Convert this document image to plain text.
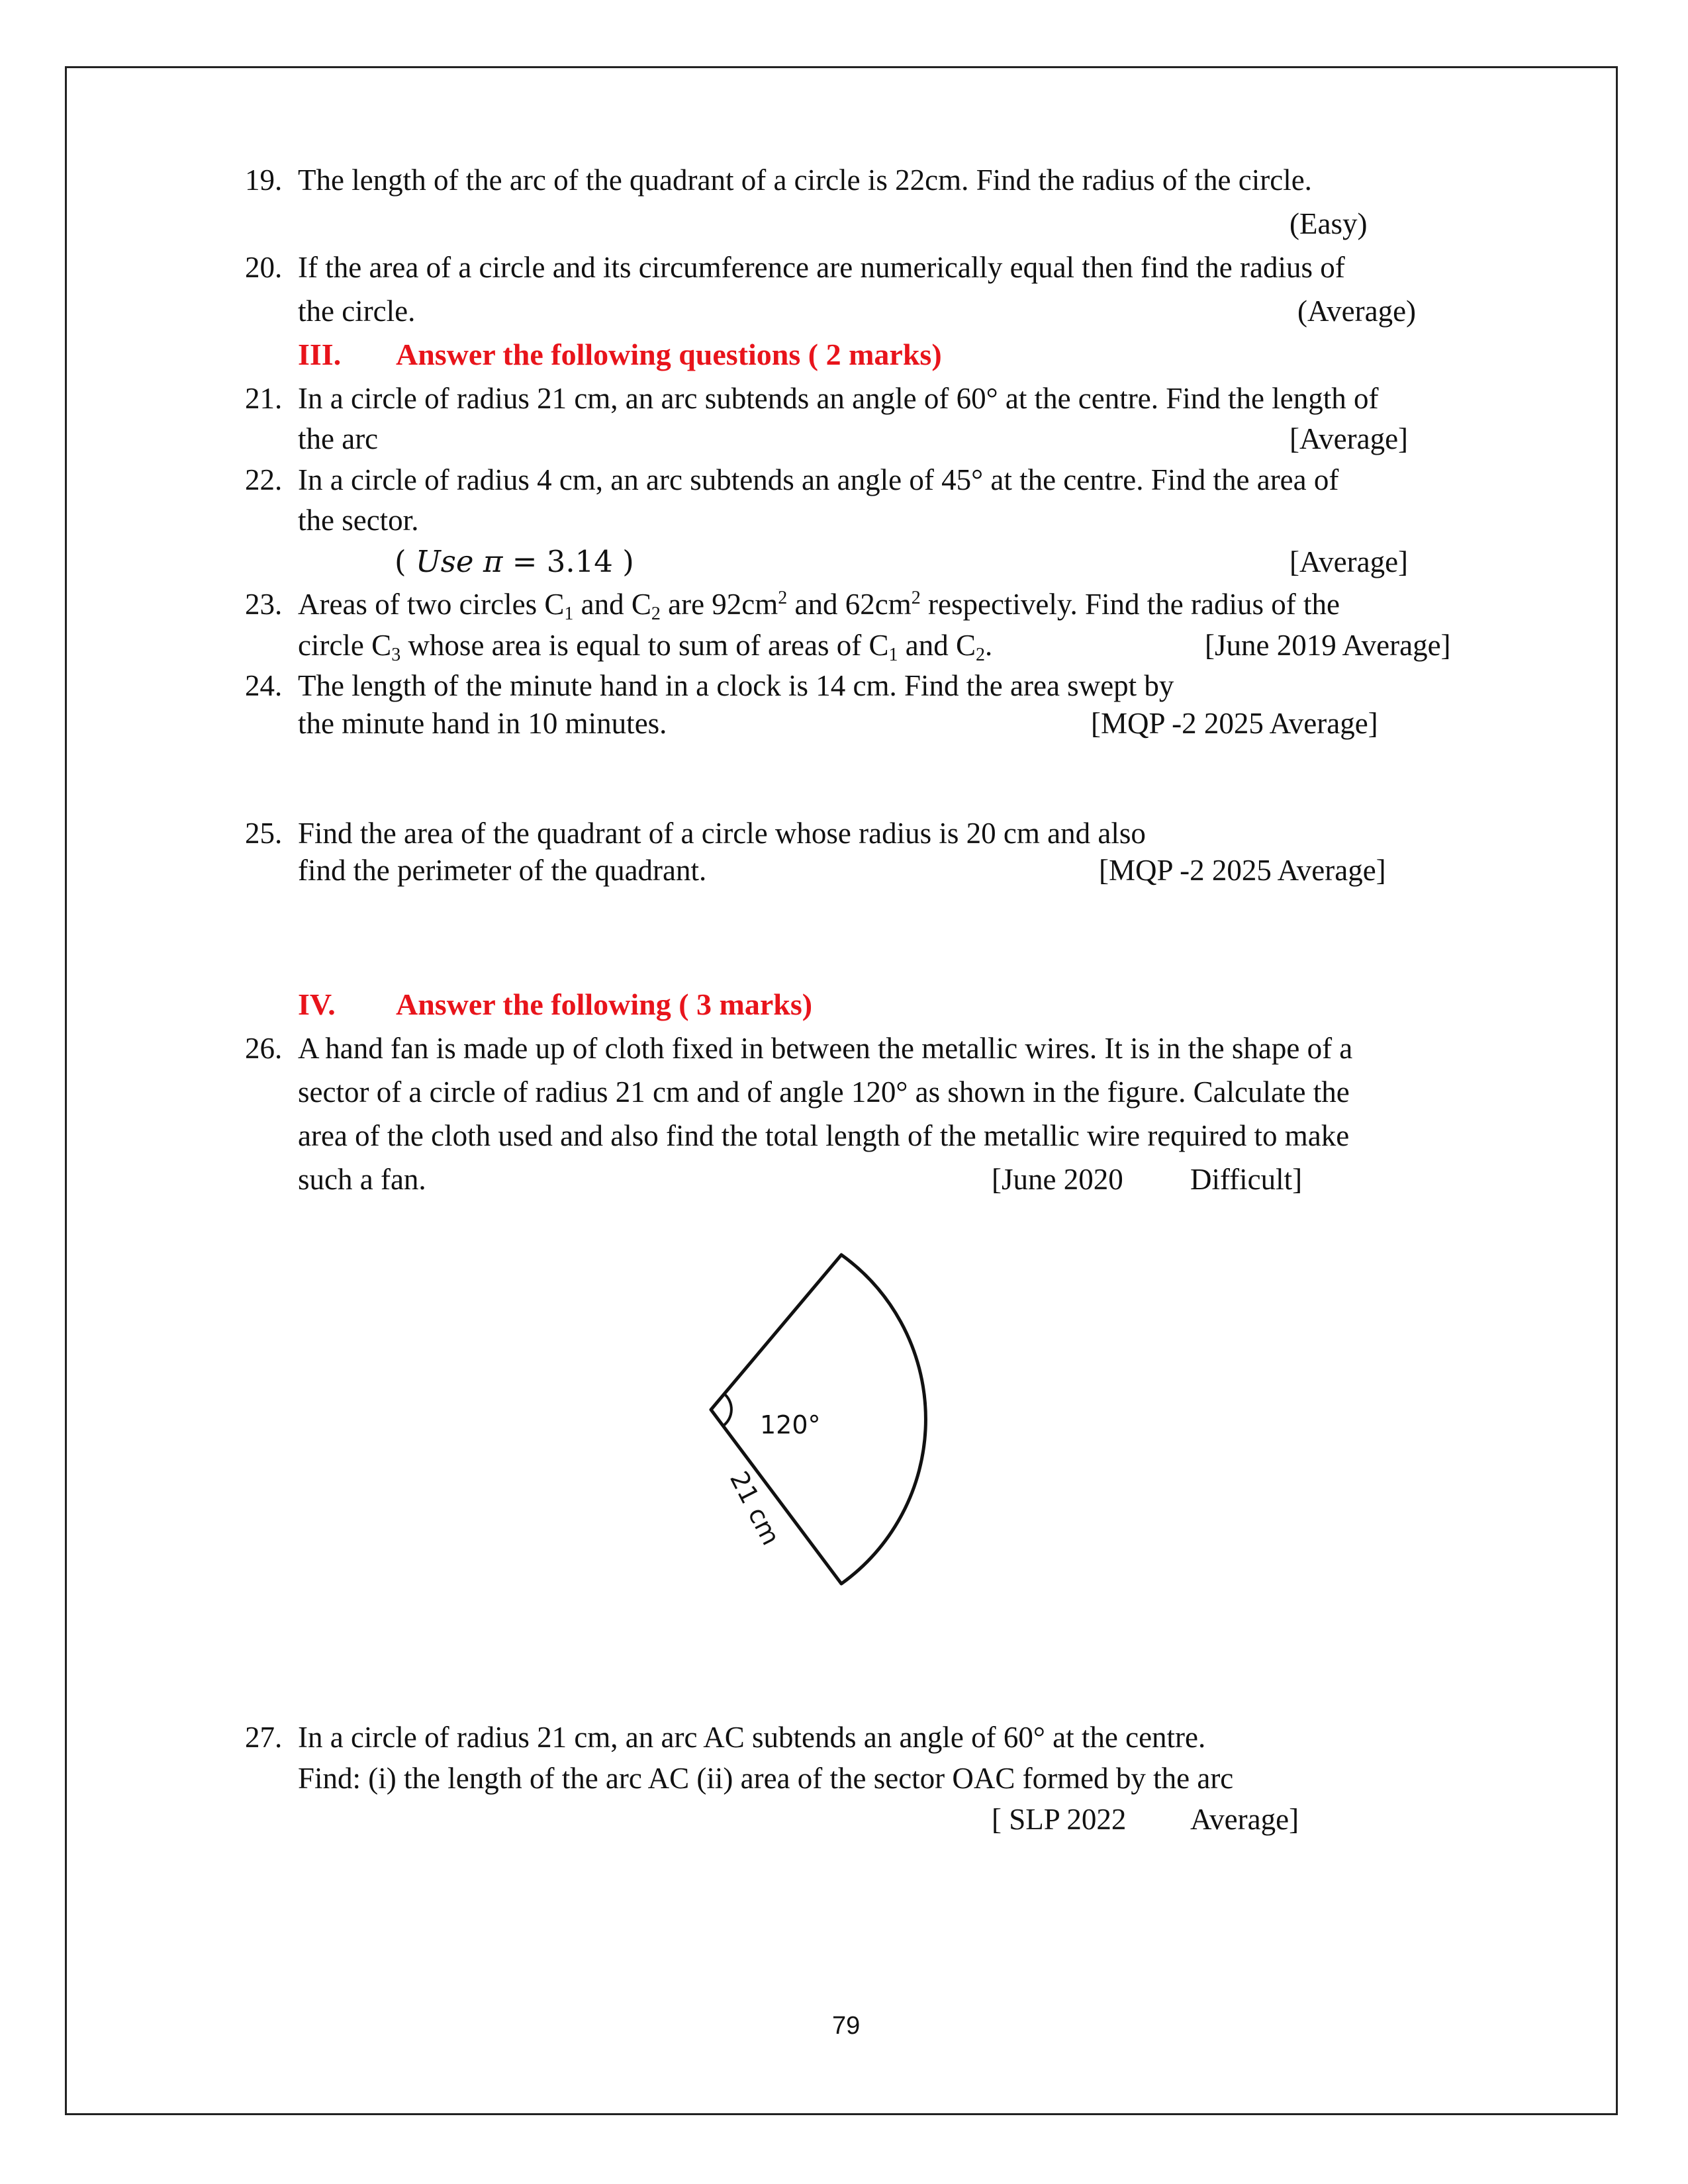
19. The length of the arc of the quadrant of a circle is 22cm. Find the radius of the circle.
(Easy)
20. If the area of a circle and its circumference are numerically equal then find the radius of
the circle.	(Average)
III. Answer the following questions ( 2 marks)
21. In a circle of radius 21 cm, an arc subtends an angle of 60° at the centre. Find the length of
the arc	[Average]
22. In a circle of radius 4 cm, an arc subtends an angle of 45° at the centre. Find the area of
the sector.
( Use π = 3.14 )	[Average]
23. Areas of two circles $C_1$ and $C_2$ are $92cm^2$ and $62cm^2$ respectively. Find the radius of the
circle $C_3$ whose area is equal to sum of areas of $C_1$ and $C_2$.	[June 2019 Average]
24. The length of the minute hand in a clock is 14 cm. Find the area swept by
the minute hand in 10 minutes.	[MQP -2 2025 Average]
25. Find the area of the quadrant of a circle whose radius is 20 cm and also
find the perimeter of the quadrant.	[MQP -2 2025 Average]
IV. Answer the following ( 3 marks)
26. A hand fan is made up of cloth fixed in between the metallic wires. It is in the shape of a
sector of a circle of radius 21 cm and of angle 120° as shown in the figure. Calculate the
area of the cloth used and also find the total length of the metallic wire required to make
such a fan.	[June 2020 Difficult]
120°
21 cm
27. In a circle of radius 21 cm, an arc AC subtends an angle of 60° at the centre.
Find: (i) the length of the arc AC (ii) area of the sector OAC formed by the arc
[ SLP 2022 Average]
79
